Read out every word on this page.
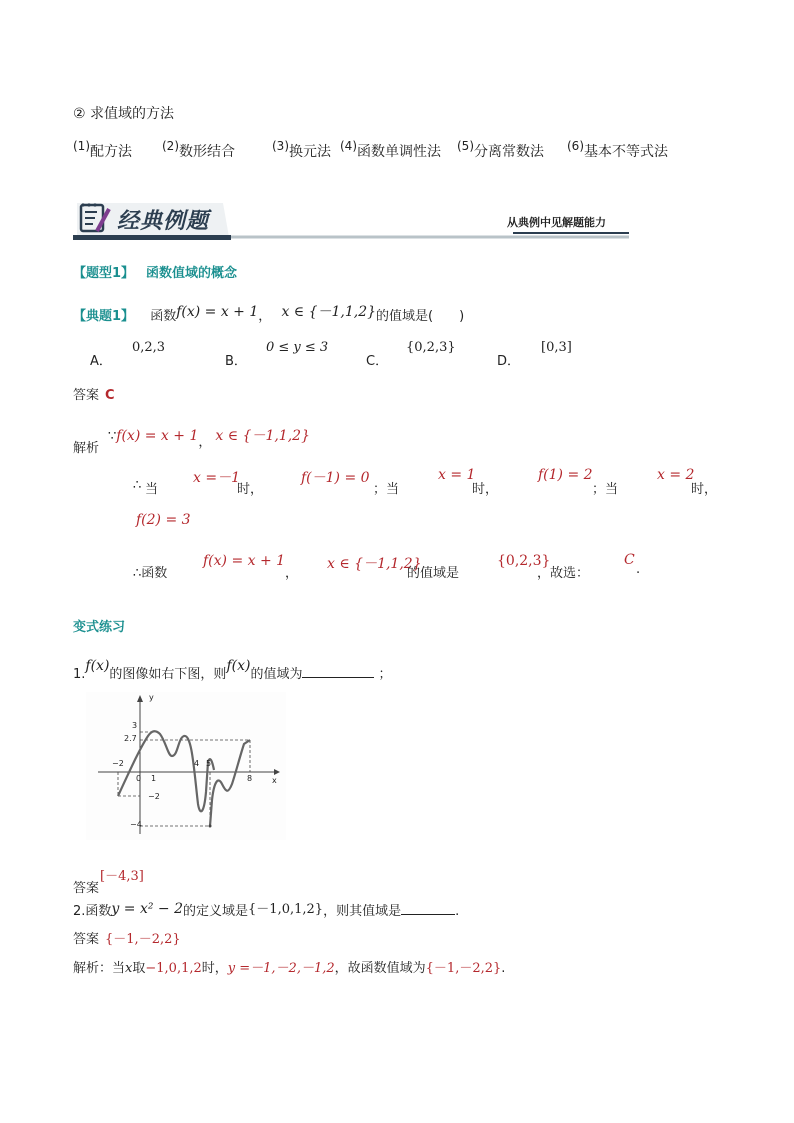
② 求值域的方法
$^{(1)}$配方法	$^{(2)}$数形结合	$^{(3)}$换元法 $^{(4)}$函数单调性法 $^{(5)}$分离常数法 $^{(6)}$基本不等式法
经典例题	从典例中见解题能力
【题型1】 函数值域的概念
【典题1】 函数f(x) = x + 1， x ∈ {－1,1,2}的值域是( )
A．
0,2,3
B．
0 ≤ y ≤ 3
C．
{0,2,3}
D．
[0,3]
答案 C
解析
∵f(x) = x + 1， x ∈ {－1,1,2}
∴ 当
x =－1
时，
f(－1) = 0
；当
x = 1
时，
f(1) = 2
；当
x = 2
时，
f(2) = 3
∴函数
f(x) = x + 1
，
x ∈ {－1,1,2}
的值域是
{0,2,3}
，故选：
C
.
变式练习
1.f(x)的图像如右下图，则f(x)的值域为	；
y
x
3
2.7
−2
−4
−2
0 1
4 5
8
答案
[－4,3]
2.函数y = x² − 2的定义域是{－1,0,1,2}，则其值域是	.
答案 {－1,－2,2}
解析：当x取−1,0,1,2时，y =－1,－2,－1,2，故函数值域为{－1,－2,2}.
